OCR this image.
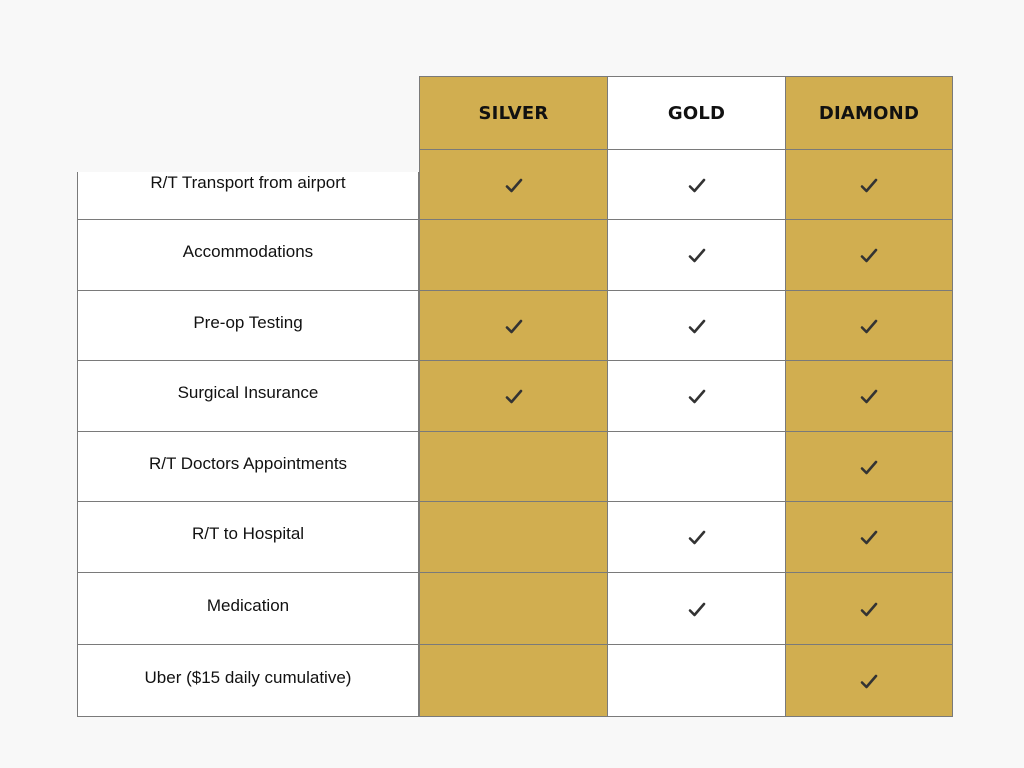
SILVER	GOLD	DIAMOND
R/T Transport from airport
Accommodations
Pre-op Testing
Surgical Insurance
R/T Doctors Appointments
R/T to Hospital
Medication
Uber ($15 daily cumulative)
